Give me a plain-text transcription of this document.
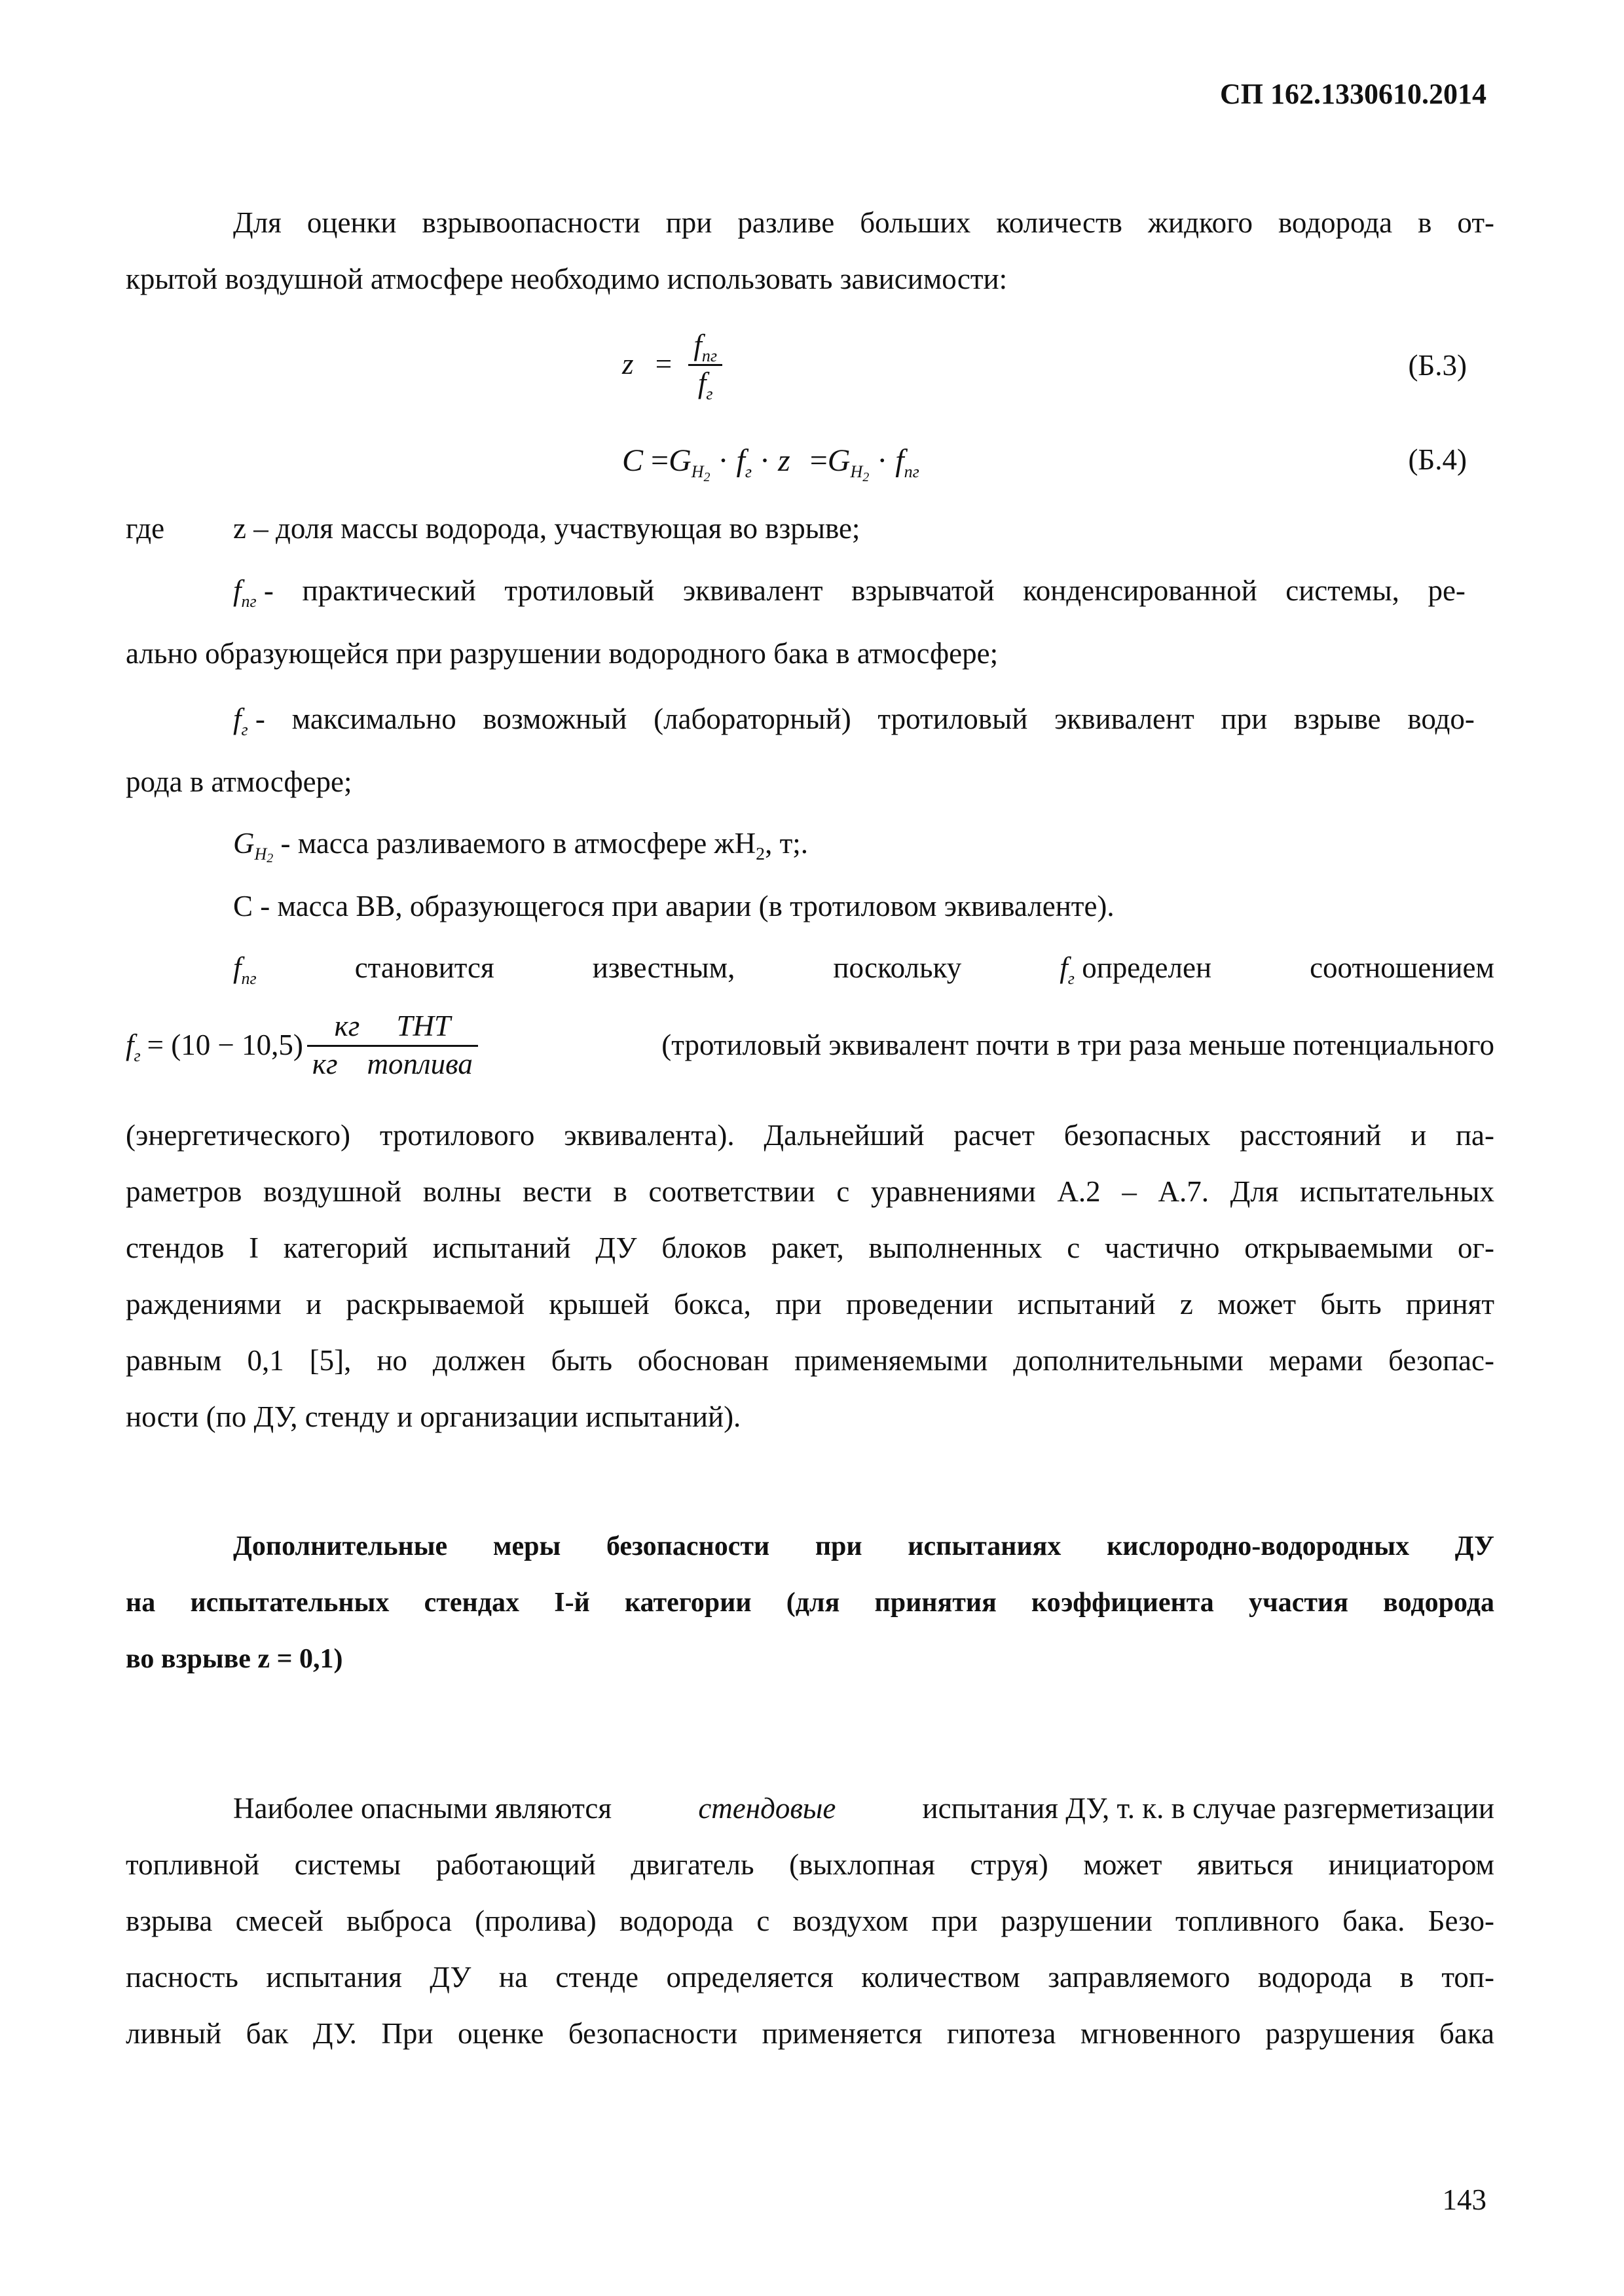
СП 162.1330610.2014
Для оценки взрывоопасности при разливе больших количеств жидкого водорода в от-
крытой воздушной атмосфере необходимо использовать зависимости:
$z = \frac{f_{пг}}{f_г}$	(Б.3)
$C =G_{H2} \cdot f_г \cdot z =G_{H2} \cdot f_{пг}$	(Б.4)
где z – доля массы водорода, участвующая во взрыве;
$f_{пг}$ - практический тротиловый эквивалент взрывчатой конденсированной системы, ре-
ально образующейся при разрушении водородного бака в атмосфере;
$f_г$ - максимально возможный (лабораторный) тротиловый эквивалент при взрыве водо-
рода в атмосфере;
$G_{H2}$ - масса разливаемого в атмосфере $жН_2$, т;.
С - масса ВВ, образующегося при аварии (в тротиловом эквиваленте).
$f_{пг}$	становится	известным,	поскольку	$f_г$ определен	соотношением
$f_г = (10 - 10,5) \frac{\text{кг ТНТ}}{\text{кг топлива}}$	(тротиловый эквивалент почти в три раза меньше потенциального
(энергетического) тротилового эквивалента). Дальнейший расчет безопасных расстояний и па-
раметров воздушной волны вести в соответствии с уравнениями А.2 – А.7. Для испытательных
стендов I категорий испытаний ДУ блоков ракет, выполненных с частично открываемыми ог-
раждениями и раскрываемой крышей бокса, при проведении испытаний z может быть принят
равным 0,1 [5], но должен быть обоснован применяемыми дополнительными мерами безопас-
ности (по ДУ, стенду и организации испытаний).
Дополнительные меры безопасности при испытаниях кислородно-водородных ДУ
на испытательных стендах I-й категории (для принятия коэффициента участия водорода
во взрыве z = 0,1)
Наиболее опасными являются	стендовые	испытания ДУ, т. к. в случае разгерметизации
топливной системы работающий двигатель (выхлопная струя) может явиться инициатором
взрыва смесей выброса (пролива) водорода с воздухом при разрушении топливного бака. Безо-
пасность испытания ДУ на стенде определяется количеством заправляемого водорода в топ-
ливный бак ДУ. При оценке безопасности применяется гипотеза мгновенного разрушения бака
143
